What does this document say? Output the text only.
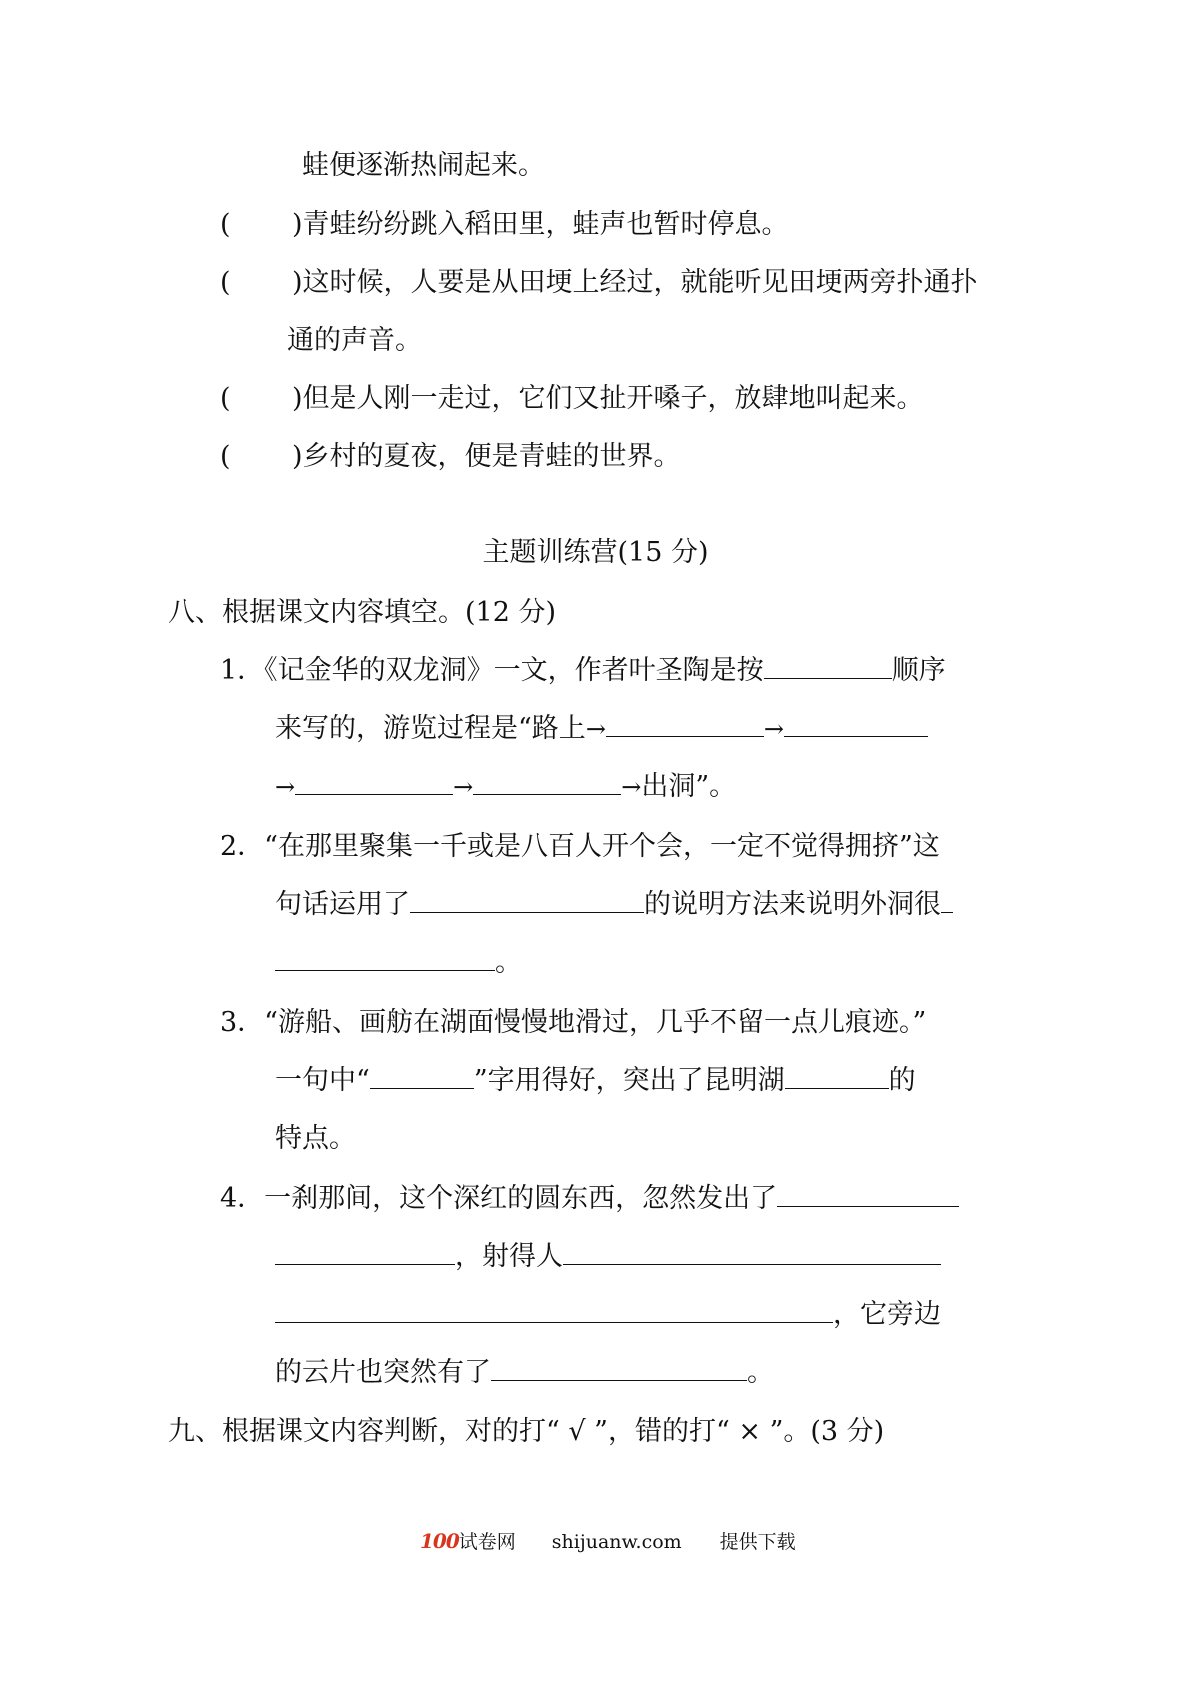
蛙便逐渐热闹起来。
( )青蛙纷纷跳入稻田里，蛙声也暂时停息。
( )这时候，人要是从田埂上经过，就能听见田埂两旁扑通扑
通的声音。
( )但是人刚一走过，它们又扯开嗓子，放肆地叫起来。
( )乡村的夏夜，便是青蛙的世界。
主题训练营(15 分)
八、根据课文内容填空。(12 分)
1．《记金华的双龙洞》一文，作者叶圣陶是按	顺序
来写的，游览过程是“路上→	→
→	→	→出洞”。
2．“在那里聚集一千或是八百人开个会，一定不觉得拥挤”这
句话运用了	的说明方法来说明外洞很
。
3．“游船、画舫在湖面慢慢地滑过，几乎不留一点儿痕迹。”
一句中“	”字用得好，突出了昆明湖	的
特点。
4．一刹那间，这个深红的圆东西，忽然发出了
，射得人
，它旁边
的云片也突然有了	。
九、根据课文内容判断，对的打“ √ ”，错的打“ × ”。(3 分)
100试卷网 shijuanw.com 提供下载
